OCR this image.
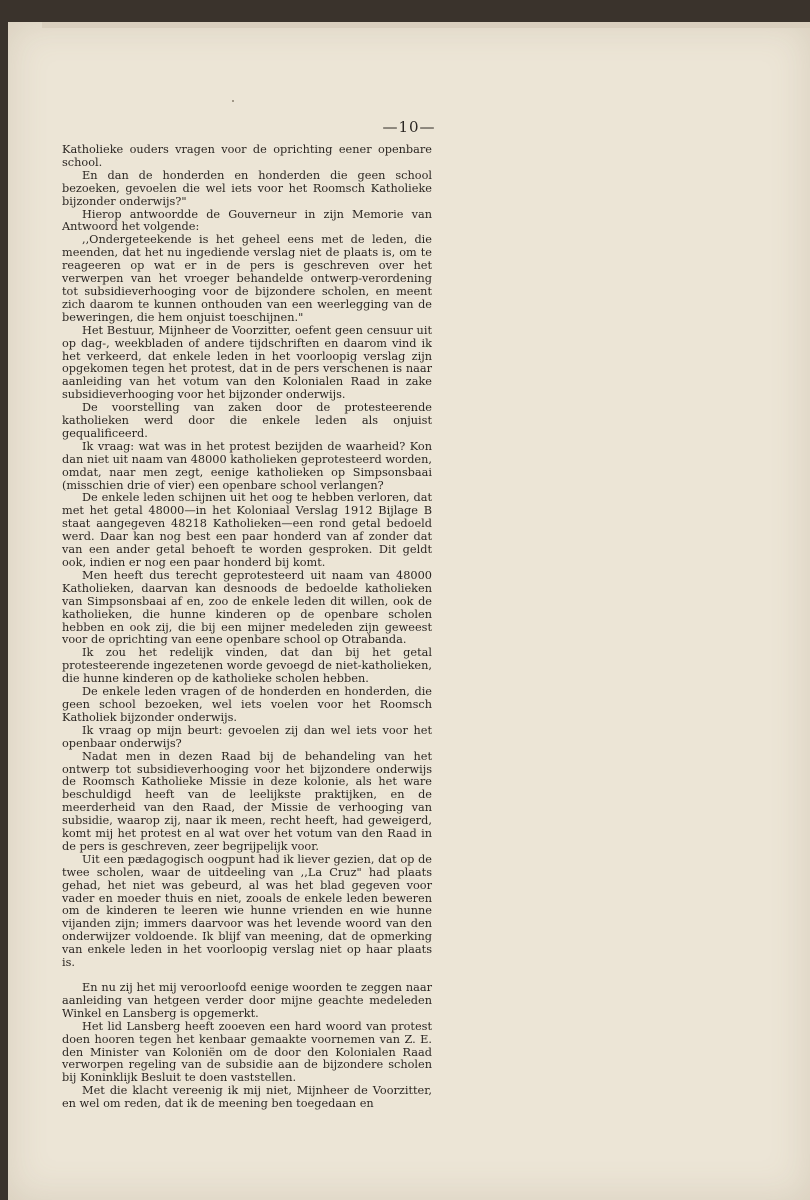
—10—

Katholieke ouders vragen voor de oprichting eener openbare school.

En dan de honderden en honderden die geen school bezoeken, gevoelen die wel iets voor het Roomsch Katholieke bijzonder onderwijs?"

Hierop antwoordde de Gouverneur in zijn Memorie van Antwoord het volgende:

,,Ondergeteekende is het geheel eens met de leden, die meenden, dat het nu ingediende verslag niet de plaats is, om te reageeren op wat er in de pers is geschreven over het verwerpen van het vroeger behandelde ontwerp-verordening tot subsidieverhooging voor de bijzondere scholen, en meent zich daarom te kunnen onthouden van een weerlegging van de beweringen, die hem onjuist toeschijnen."

Het Bestuur, Mijnheer de Voorzitter, oefent geen censuur uit op dag-, weekbladen of andere tijdschriften en daarom vind ik het verkeerd, dat enkele leden in het voorloopig verslag zijn opgekomen tegen het protest, dat in de pers verschenen is naar aanleiding van het votum van den Kolonialen Raad in zake subsidieverhooging voor het bijzonder onderwijs.

De voorstelling van zaken door de protesteerende katholieken werd door die enkele leden als onjuist gequalificeerd.

Ik vraag: wat was in het protest bezijden de waarheid? Kon dan niet uit naam van 48000 katholieken geprotesteerd worden, omdat, naar men zegt, eenige katholieken op Simpsonsbaai (misschien drie of vier) een openbare school verlangen?

De enkele leden schijnen uit het oog te hebben verloren, dat met het getal 48000—in het Koloniaal Verslag 1912 Bijlage B staat aangegeven 48218 Katholieken—een rond getal bedoeld werd. Daar kan nog best een paar honderd van af zonder dat van een ander getal behoeft te worden gesproken. Dit geldt ook, indien er nog een paar honderd bij komt.

Men heeft dus terecht geprotesteerd uit naam van 48000 Katholieken, daarvan kan desnoods de bedoelde katholieken van Simpsonsbaai af en, zoo de enkele leden dit willen, ook de katholieken, die hunne kinderen op de openbare scholen hebben en ook zij, die bij een mijner medeleden zijn geweest voor de oprichting van eene openbare school op Otrabanda.

Ik zou het redelijk vinden, dat dan bij het getal protesteerende ingezetenen worde gevoegd de niet-katholieken, die hunne kinderen op de katholieke scholen hebben.

De enkele leden vragen of de honderden en honderden, die geen school bezoeken, wel iets voelen voor het Roomsch Katholiek bijzonder onderwijs.

Ik vraag op mijn beurt: gevoelen zij dan wel iets voor het openbaar onderwijs?

Nadat men in dezen Raad bij de behandeling van het ontwerp tot subsidieverhooging voor het bijzondere onderwijs de Roomsch Katholieke Missie in deze kolonie, als het ware beschuldigd heeft van de leelijkste praktijken, en de meerderheid van den Raad, der Missie de verhooging van subsidie, waarop zij, naar ik meen, recht heeft, had geweigerd, komt mij het protest en al wat over het votum van den Raad in de pers is geschreven, zeer begrijpelijk voor.

Uit een pædagogisch oogpunt had ik liever gezien, dat op de twee scholen, waar de uitdeeling van ,,La Cruz" had plaats gehad, het niet was gebeurd, al was het blad gegeven voor vader en moeder thuis en niet, zooals de enkele leden beweren om de kinderen te leeren wie hunne vrienden en wie hunne vijanden zijn; immers daarvoor was het levende woord van den onderwijzer voldoende. Ik blijf van meening, dat de opmerking van enkele leden in het voorloopig verslag niet op haar plaats is.

En nu zij het mij veroorloofd eenige woorden te zeggen naar aanleiding van hetgeen verder door mijne geachte medeleden Winkel en Lansberg is opgemerkt.

Het lid Lansberg heeft zooeven een hard woord van protest doen hooren tegen het kenbaar gemaakte voornemen van Z. E. den Minister van Koloniën om de door den Kolonialen Raad verworpen regeling van de subsidie aan de bijzondere scholen bij Koninklijk Besluit te doen vaststellen.

Met die klacht vereenig ik mij niet, Mijnheer de Voorzitter, en wel om reden, dat ik de meening ben toegedaan en
